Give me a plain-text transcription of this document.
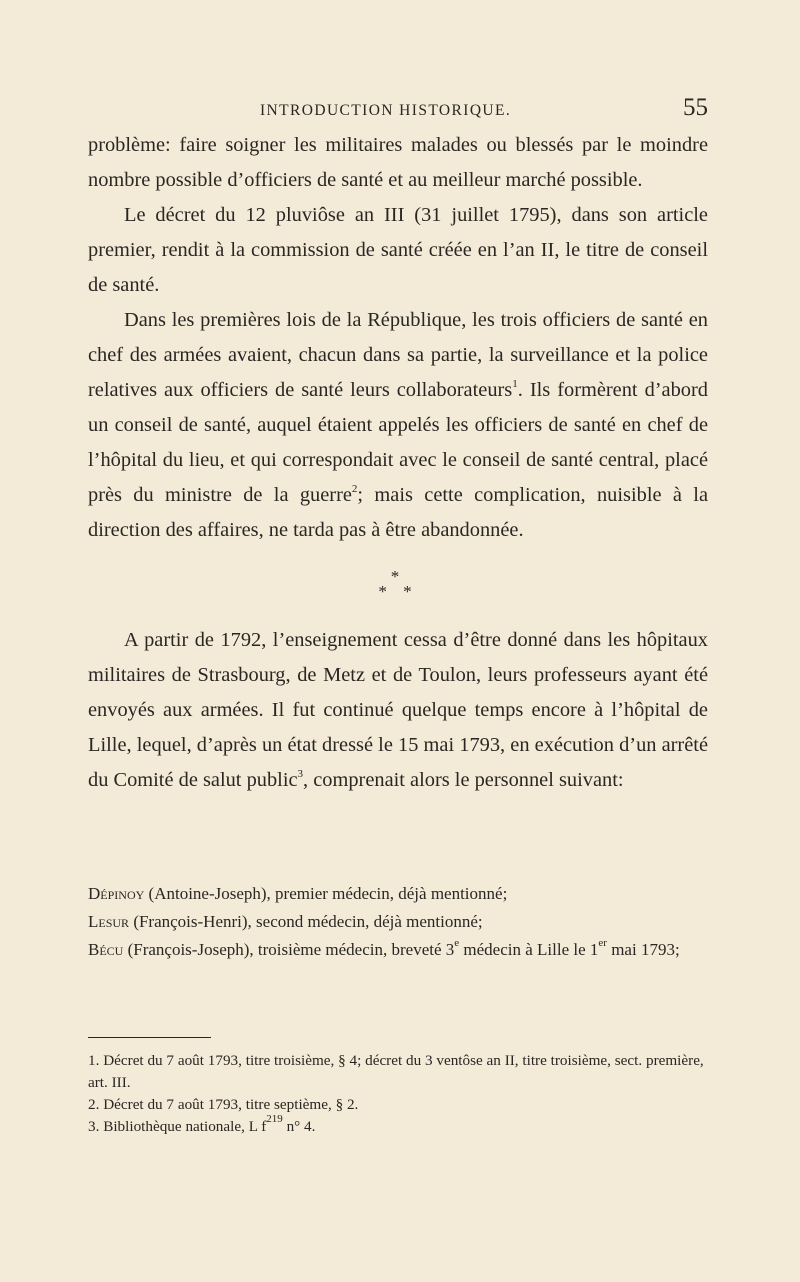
INTRODUCTION HISTORIQUE.	55

problème: faire soigner les militaires malades ou blessés par le moindre nombre possible d’officiers de santé et au meilleur marché possible.

Le décret du 12 pluviôse an III (31 juillet 1795), dans son article premier, rendit à la commission de santé créée en l’an II, le titre de conseil de santé.

Dans les premières lois de la République, les trois officiers de santé en chef des armées avaient, chacun dans sa partie, la surveillance et la police relatives aux officiers de santé leurs collaborateurs$^1$. Ils formèrent d’abord un conseil de santé, auquel étaient appelés les officiers de santé en chef de l’hôpital du lieu, et qui correspondait avec le conseil de santé central, placé près du ministre de la guerre$^2$; mais cette complication, nuisible à la direction des affaires, ne tarda pas à être abandonnée.

*
* *

A partir de 1792, l’enseignement cessa d’être donné dans les hôpitaux militaires de Strasbourg, de Metz et de Toulon, leurs professeurs ayant été envoyés aux armées. Il fut continué quelque temps encore à l’hôpital de Lille, lequel, d’après un état dressé le 15 mai 1793, en exécution d’un arrêté du Comité de salut public$^3$, comprenait alors le personnel suivant:

Dépinoy (Antoine-Joseph), premier médecin, déjà mentionné;

Lesur (François-Henri), second médecin, déjà mentionné;

Bécu (François-Joseph), troisième médecin, breveté 3e médecin à Lille le 1er mai 1793;

1. Décret du 7 août 1793, titre troisième, § 4; décret du 3 ventôse an II, titre troisième, sect. première, art. III.

2. Décret du 7 août 1793, titre septième, § 2.

3. Bibliothèque nationale, L $f^{219}$ n° 4.
